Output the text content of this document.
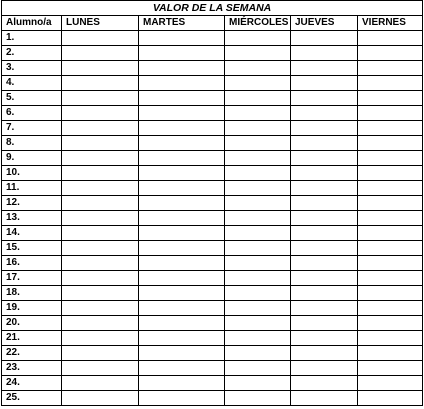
VALOR DE LA SEMANA					
Alumno/a	LUNES	MARTES	MIÉRCOLES	JUEVES	VIERNES
1.					
2.					
3.					
4.					
5.					
6.					
7.					
8.					
9.					
10.					
11.					
12.					
13.					
14.					
15.					
16.					
17.					
18.					
19.					
20.					
21.					
22.					
23.					
24.					
25.					
